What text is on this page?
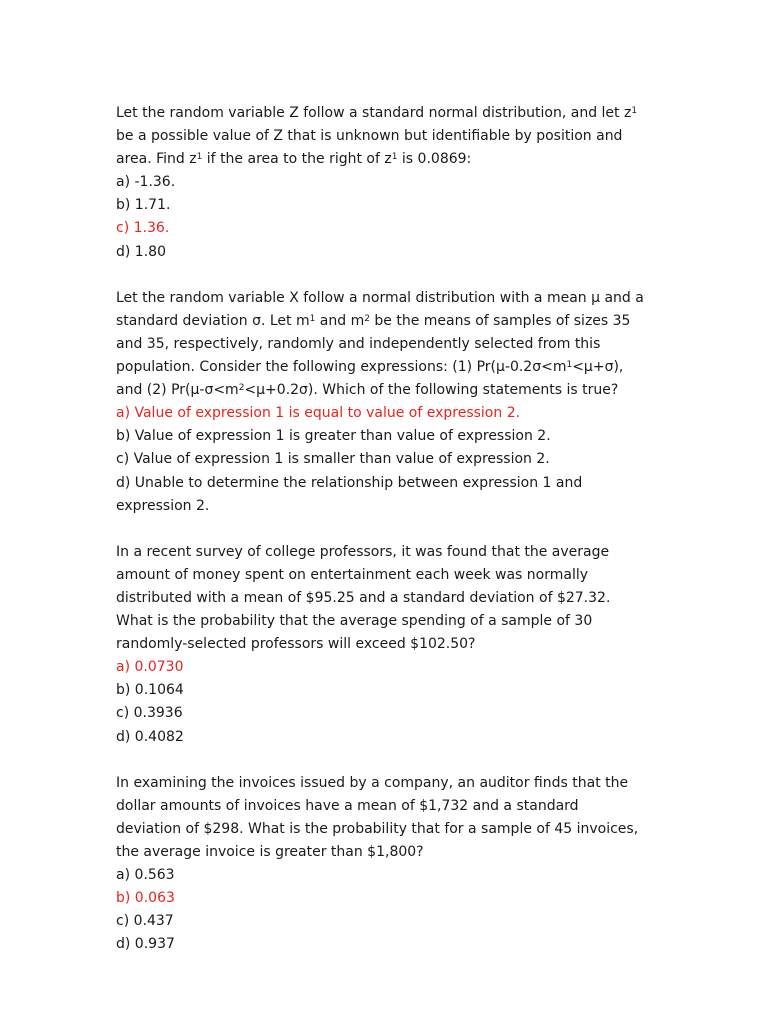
Let the random variable Z follow a standard normal distribution, and let $z^1$
be a possible value of Z that is unknown but identifiable by position and
area. Find $z^1$ if the area to the right of $z^1$ is 0.0869:
a) -1.36.
b) 1.71.
c) 1.36.
d) 1.80
Let the random variable X follow a normal distribution with a mean μ and a
standard deviation σ. Let $m^1$ and $m^2$ be the means of samples of sizes 35
and 35, respectively, randomly and independently selected from this
population. Consider the following expressions: (1) $Pr(\mu-0.2\sigma<m^1<\mu+\sigma)$,
and (2) $Pr(\mu-\sigma<m^2<\mu+0.2\sigma)$. Which of the following statements is true?
a) Value of expression 1 is equal to value of expression 2.
b) Value of expression 1 is greater than value of expression 2.
c) Value of expression 1 is smaller than value of expression 2.
d) Unable to determine the relationship between expression 1 and
expression 2.
In a recent survey of college professors, it was found that the average
amount of money spent on entertainment each week was normally
distributed with a mean of $95.25 and a standard deviation of $27.32.
What is the probability that the average spending of a sample of 30
randomly-selected professors will exceed $102.50?
a) 0.0730
b) 0.1064
c) 0.3936
d) 0.4082
In examining the invoices issued by a company, an auditor finds that the
dollar amounts of invoices have a mean of $1,732 and a standard
deviation of $298. What is the probability that for a sample of 45 invoices,
the average invoice is greater than $1,800?
a) 0.563
b) 0.063
c) 0.437
d) 0.937
